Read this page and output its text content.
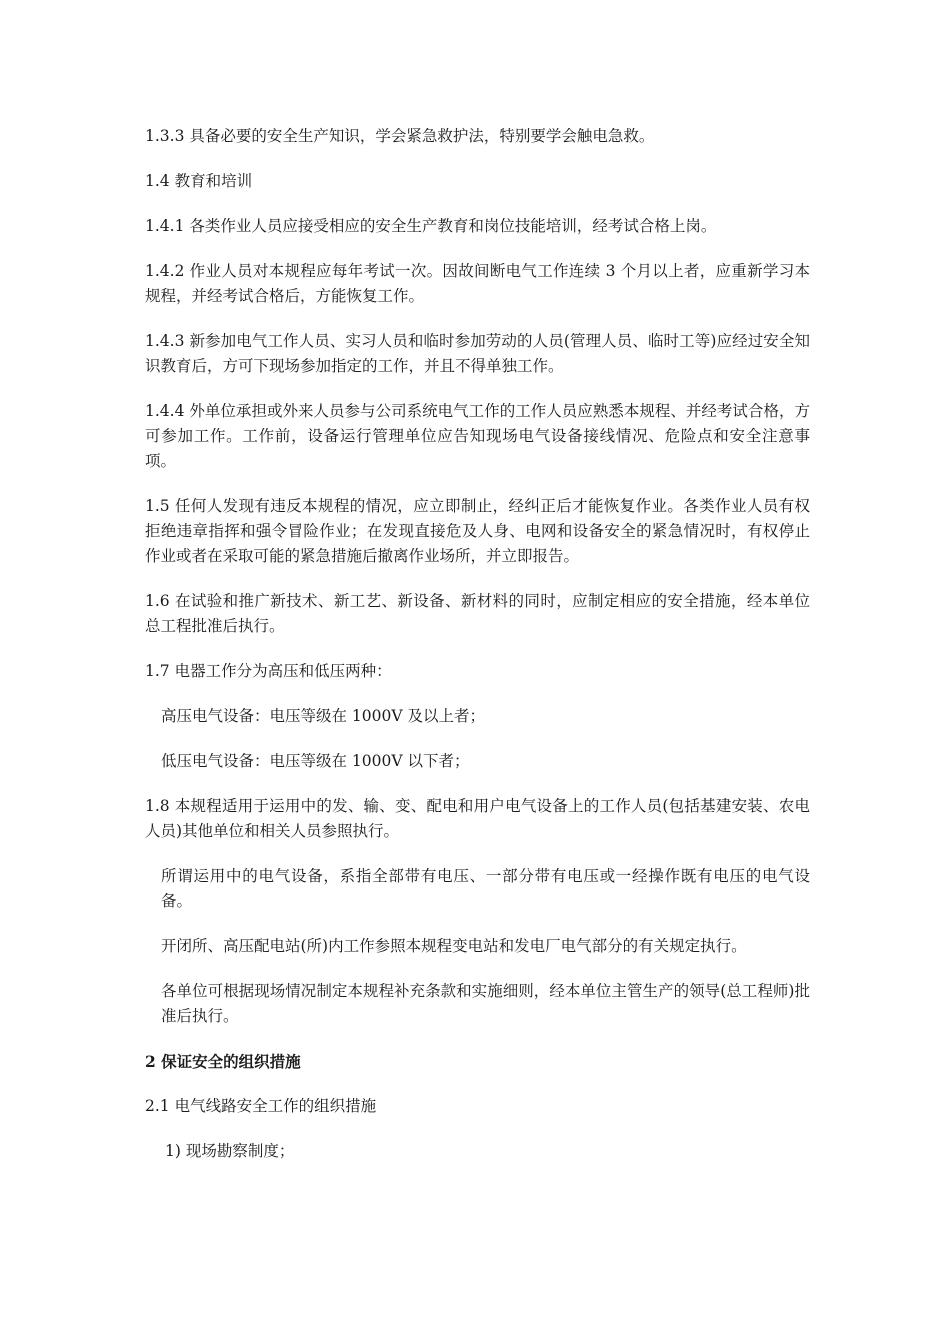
1.3.3 具备必要的安全生产知识，学会紧急救护法，特别要学会触电急救。

1.4 教育和培训

1.4.1 各类作业人员应接受相应的安全生产教育和岗位技能培训，经考试合格上岗。

1.4.2 作业人员对本规程应每年考试一次。因故间断电气工作连续 3 个月以上者，应重新学习本规程，并经考试合格后，方能恢复工作。

1.4.3 新参加电气工作人员、实习人员和临时参加劳动的人员(管理人员、临时工等)应经过安全知识教育后，方可下现场参加指定的工作，并且不得单独工作。

1.4.4 外单位承担或外来人员参与公司系统电气工作的工作人员应熟悉本规程、并经考试合格，方可参加工作。工作前，设备运行管理单位应告知现场电气设备接线情况、危险点和安全注意事项。

1.5 任何人发现有违反本规程的情况，应立即制止，经纠正后才能恢复作业。各类作业人员有权拒绝违章指挥和强令冒险作业；在发现直接危及人身、电网和设备安全的紧急情况时，有权停止作业或者在采取可能的紧急措施后撤离作业场所，并立即报告。

1.6 在试验和推广新技术、新工艺、新设备、新材料的同时，应制定相应的安全措施，经本单位总工程批准后执行。

1.7 电器工作分为高压和低压两种：

高压电气设备：电压等级在 1000V 及以上者；

低压电气设备：电压等级在 1000V 以下者；

1.8 本规程适用于运用中的发、输、变、配电和用户电气设备上的工作人员(包括基建安装、农电人员)其他单位和相关人员参照执行。

所谓运用中的电气设备，系指全部带有电压、一部分带有电压或一经操作既有电压的电气设备。

开闭所、高压配电站(所)内工作参照本规程变电站和发电厂电气部分的有关规定执行。

各单位可根据现场情况制定本规程补充条款和实施细则，经本单位主管生产的领导(总工程师)批准后执行。

2 保证安全的组织措施

2.1 电气线路安全工作的组织措施

1) 现场勘察制度；
